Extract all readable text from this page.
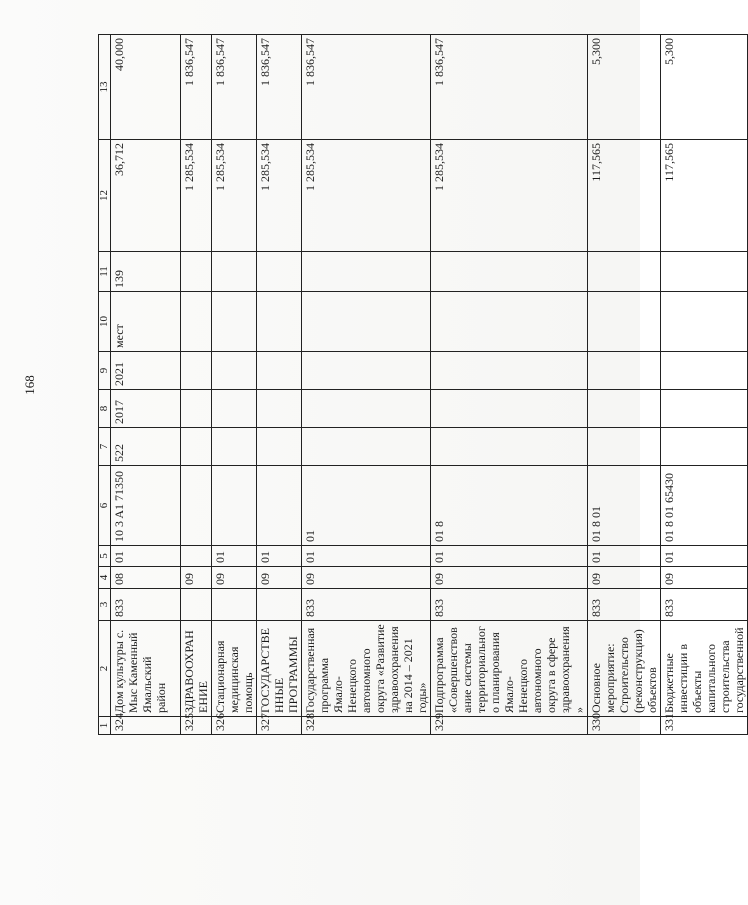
168
1	2	3	4	5	6	7	8	9	10	11	12	13
324	Дом культуры с. Мыс Каменный Ямальский район	833	08	01	10 3 A1 71350	522	2017	2021	мест	139	36,712	40,000
325	ЗДРАВООХРАНЕНИЕ		09								1 285,534	1 836,547
326	Стационарная медицинская помощь		09	01							1 285,534	1 836,547
327	ГОСУДАРСТВЕННЫЕ ПРОГРАММЫ		09	01							1 285,534	1 836,547
328	Государственная программа Ямало-Ненецкого автономного округа «Развитие здравоохранения на 2014 – 2021 годы»	833	09	01	01						1 285,534	1 836,547
329	Подпрограмма «Совершенствование системы территориального планирования Ямало-Ненецкого автономного округа в сфере здравоохранения»	833	09	01	01 8						1 285,534	1 836,547
330	Основное мероприятие: Строительство (реконструкция) объектов	833	09	01	01 8 01						117,565	5,300
331	Бюджетные инвестиции в объекты капитального строительства государственной	833	09	01	01 8 01 65430						117,565	5,300
